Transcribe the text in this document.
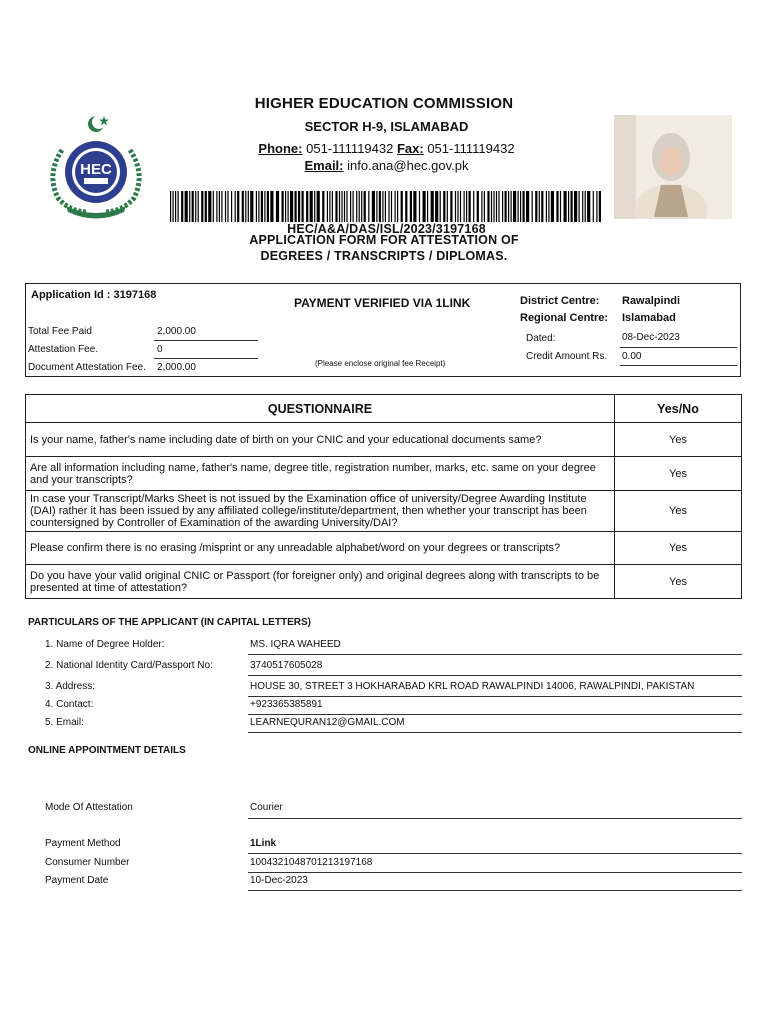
HEC
HIGHER EDUCATION COMMISSION
SECTOR H-9, ISLAMABAD
Phone: 051-111119432 Fax: 051-111119432
Email: info.ana@hec.gov.pk
HEC/A&A/DAS/ISL/2023/3197168
APPLICATION FORM FOR ATTESTATION OF
DEGREES / TRANSCRIPTS / DIPLOMAS.
Application Id : 3197168
PAYMENT VERIFIED VIA 1LINK
(Please enclose original fee Receipt)
Total Fee Paid	2,000.00
Attestation Fee.	0
Document Attestation Fee. 2,000.00
District Centre: Rawalpindi
Regional Centre: Islamabad
Dated:	08-Dec-2023
Credit Amount Rs. 0.00
QUESTIONNAIRE	Yes/No
Is your name, father's name including date of birth on your CNIC and your educational documents same?	Yes
Are all information including name, father's name, degree title, registration number, marks, etc. same on your degree and your transcripts?	Yes
In case your Transcript/Marks Sheet is not issued by the Examination office of university/Degree Awarding Institute (DAI) rather it has been issued by any affiliated college/institute/department, then whether your transcript has been countersigned by Controller of Examination of the awarding University/DAI?	Yes
Please confirm there is no erasing /misprint or any unreadable alphabet/word on your degrees or transcripts?	Yes
Do you have your valid original CNIC or Passport (for foreigner only) and original degrees along with transcripts to be presented at time of attestation?	Yes
PARTICULARS OF THE APPLICANT (IN CAPITAL LETTERS)
1. Name of Degree Holder:	MS. IQRA WAHEED
2. National Identity Card/Passport No:	3740517605028
3. Address:	HOUSE 30, STREET 3 HOKHARABAD KRL ROAD RAWALPINDI 14006, RAWALPINDI, PAKISTAN
4. Contact:	+923365385891
5. Email:	LEARNEQURAN12@GMAIL.COM
ONLINE APPOINTMENT DETAILS
Mode Of Attestation	Courier
Payment Method	1Link
Consumer Number	1004321048701213197168
Payment Date	10-Dec-2023
